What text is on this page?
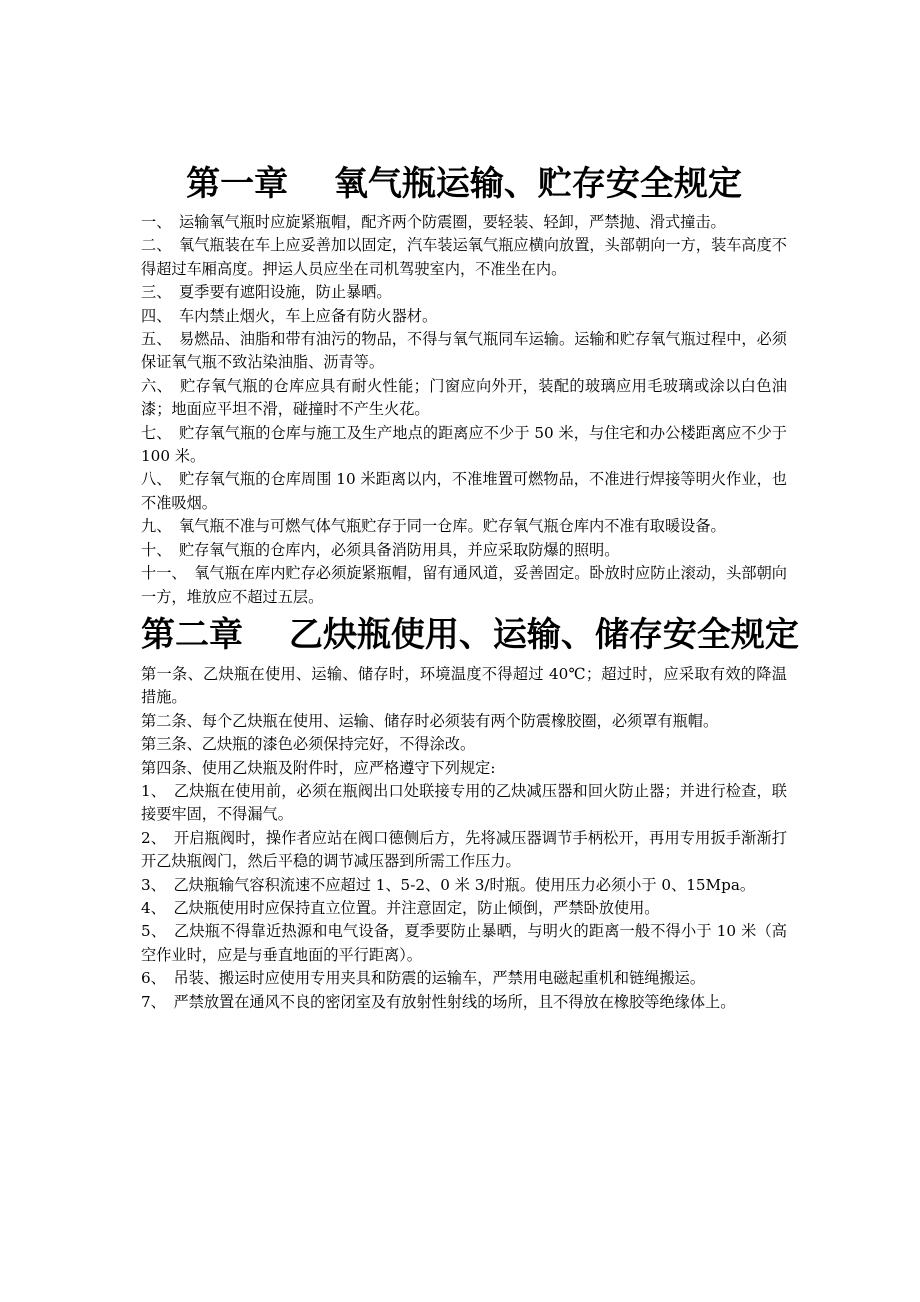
第一章　 氧气瓶运输、贮存安全规定

一、　运输氧气瓶时应旋紧瓶帽，配齐两个防震圈，要轻装、轻卸，严禁抛、滑式撞击。

二、　氧气瓶装在车上应妥善加以固定，汽车装运氧气瓶应横向放置，头部朝向一方，装车高度不得超过车厢高度。押运人员应坐在司机驾驶室内，不准坐在内。

三、　夏季要有遮阳设施，防止暴晒。

四、　车内禁止烟火，车上应备有防火器材。

五、　易燃品、油脂和带有油污的物品，不得与氧气瓶同车运输。运输和贮存氧气瓶过程中，必须保证氧气瓶不致沾染油脂、沥青等。

六、　贮存氧气瓶的仓库应具有耐火性能；门窗应向外开，装配的玻璃应用毛玻璃或涂以白色油漆；地面应平坦不滑，碰撞时不产生火花。

七、　贮存氧气瓶的仓库与施工及生产地点的距离应不少于 50 米，与住宅和办公楼距离应不少于 100 米。

八、　贮存氧气瓶的仓库周围 10 米距离以内，不准堆置可燃物品，不准进行焊接等明火作业，也不准吸烟。

九、　氧气瓶不准与可燃气体气瓶贮存于同一仓库。贮存氧气瓶仓库内不准有取暖设备。

十、　贮存氧气瓶的仓库内，必须具备消防用具，并应采取防爆的照明。

十一、　氧气瓶在库内贮存必须旋紧瓶帽，留有通风道，妥善固定。卧放时应防止滚动，头部朝向一方，堆放应不超过五层。

第二章　 乙炔瓶使用、运输、储存安全规定

第一条、乙炔瓶在使用、运输、储存时，环境温度不得超过 40℃；超过时，应采取有效的降温措施。

第二条、每个乙炔瓶在使用、运输、储存时必须装有两个防震橡胶圈，必须罩有瓶帽。

第三条、乙炔瓶的漆色必须保持完好，不得涂改。

第四条、使用乙炔瓶及附件时，应严格遵守下列规定:

1、　乙炔瓶在使用前，必须在瓶阀出口处联接专用的乙炔减压器和回火防止器；并进行检查，联接要牢固，不得漏气。

2、　开启瓶阀时，操作者应站在阀口德侧后方，先将减压器调节手柄松开，再用专用扳手渐渐打开乙炔瓶阀门，然后平稳的调节减压器到所需工作压力。

3、　乙炔瓶输气容积流速不应超过 1、5-2、0 米 3/时瓶。使用压力必须小于 0、15Mpa。

4、　乙炔瓶使用时应保持直立位置。并注意固定，防止倾倒，严禁卧放使用。

5、　乙炔瓶不得靠近热源和电气设备，夏季要防止暴晒，与明火的距离一般不得小于 10 米（高空作业时，应是与垂直地面的平行距离）。

6、　吊装、搬运时应使用专用夹具和防震的运输车，严禁用电磁起重机和链绳搬运。

7、　严禁放置在通风不良的密闭室及有放射性射线的场所，且不得放在橡胶等绝缘体上。
